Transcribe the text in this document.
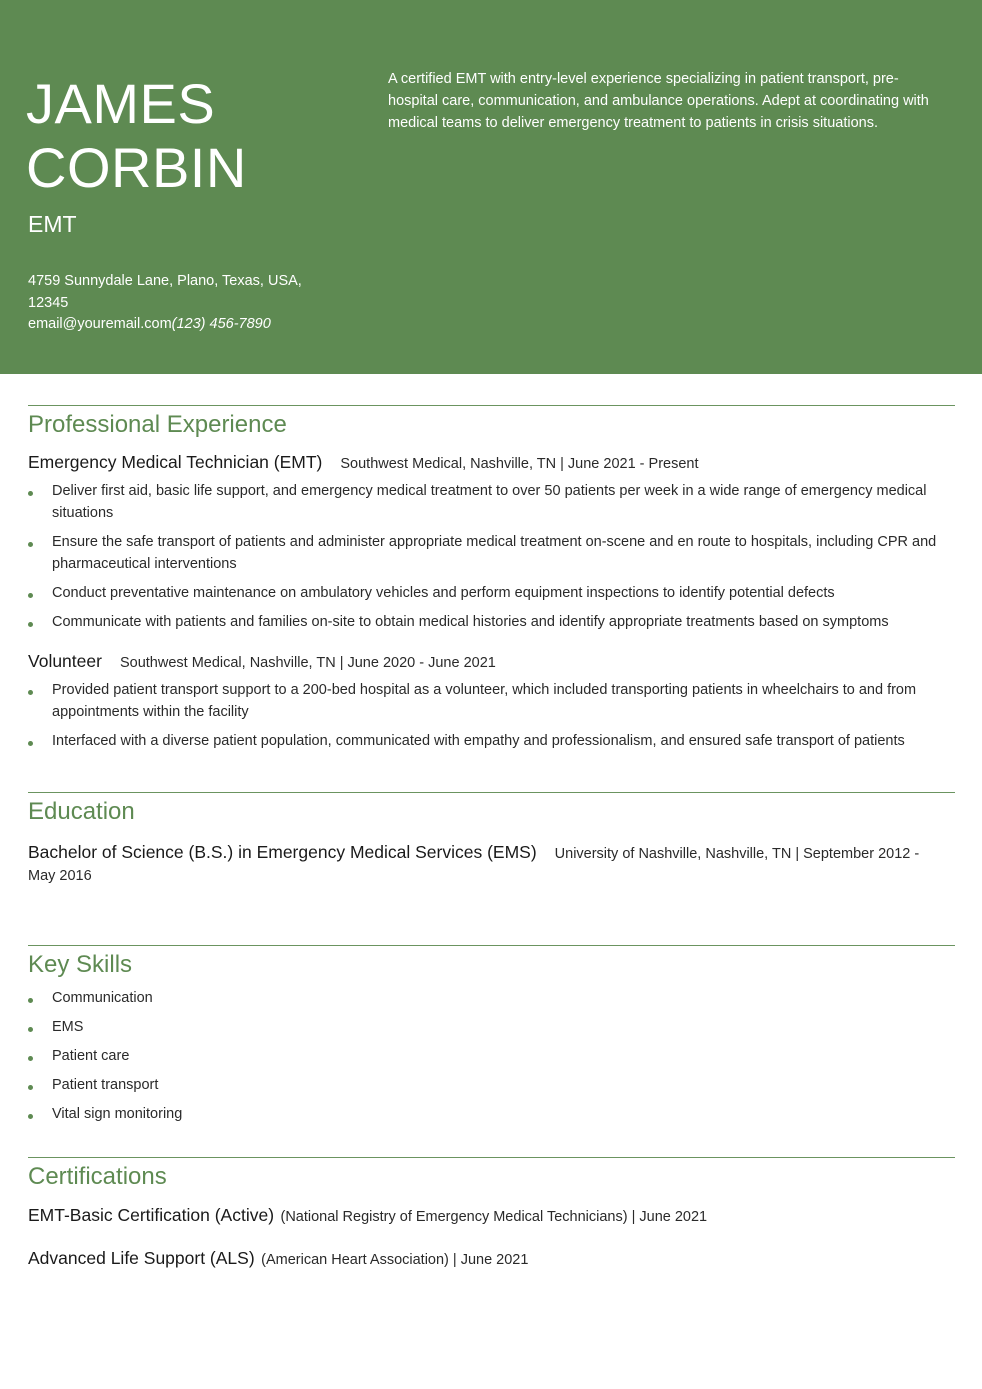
JAMES
CORBIN
EMT
4759 Sunnydale Lane, Plano, Texas, USA, 12345
email@youremail.com(123) 456-7890

A certified EMT with entry-level experience specializing in patient transport, pre-hospital care, communication, and ambulance operations. Adept at coordinating with medical teams to deliver emergency treatment to patients in crisis situations.

Professional Experience
Emergency Medical Technician (EMT) Southwest Medical, Nashville, TN | June 2021 - Present
Deliver first aid, basic life support, and emergency medical treatment to over 50 patients per week in a wide range of emergency medical situations
Ensure the safe transport of patients and administer appropriate medical treatment on-scene and en route to hospitals, including CPR and pharmaceutical interventions
Conduct preventative maintenance on ambulatory vehicles and perform equipment inspections to identify potential defects
Communicate with patients and families on-site to obtain medical histories and identify appropriate treatments based on symptoms
Volunteer Southwest Medical, Nashville, TN | June 2020 - June 2021
Provided patient transport support to a 200-bed hospital as a volunteer, which included transporting patients in wheelchairs to and from appointments within the facility
Interfaced with a diverse patient population, communicated with empathy and professionalism, and ensured safe transport of patients
Education
Bachelor of Science (B.S.) in Emergency Medical Services (EMS) University of Nashville, Nashville, TN | September 2012 - May 2016
Key Skills
Communication
EMS
Patient care
Patient transport
Vital sign monitoring
Certifications
EMT-Basic Certification (Active) (National Registry of Emergency Medical Technicians) | June 2021
Advanced Life Support (ALS) (American Heart Association) | June 2021
